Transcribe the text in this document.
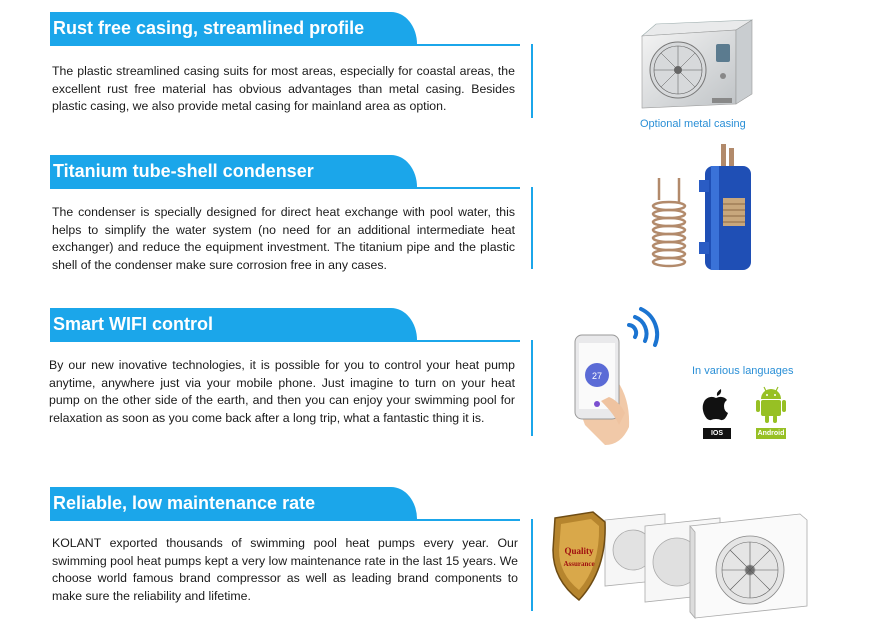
Rust free casing, streamlined profile
The plastic streamlined casing suits for most areas, especially for coastal areas, the excellent rust free material has obvious advantages than metal casing. Besides plastic casing, we also provide metal casing for mainland area as option.
Titanium tube-shell condenser
The condenser is specially designed for direct heat exchange with pool water, this helps to simplify the water system (no need for an additional intermediate heat exchanger) and reduce the equipment investment. The titanium pipe and the plastic shell of the condenser make sure corrosion free in any cases.
Smart WIFI control
By our new inovative technologies, it is possible for you to control your heat pump anytime, anywhere just via your mobile phone. Just imagine to turn on your heat pump on the other side of the earth, and then you can enjoy your swimming pool for relaxation as soon as you come back after a long trip, what a fantastic thing it is.
Reliable, low maintenance rate
KOLANT exported thousands of swimming pool heat pumps every year. Our swimming pool heat pumps kept a very low maintenance rate in the last 15 years. We choose world famous brand compressor as well as leading brand components to make sure the reliability and lifetime.
Optional metal casing
27	In various languages
IOS	Android
Quality
Assurance
